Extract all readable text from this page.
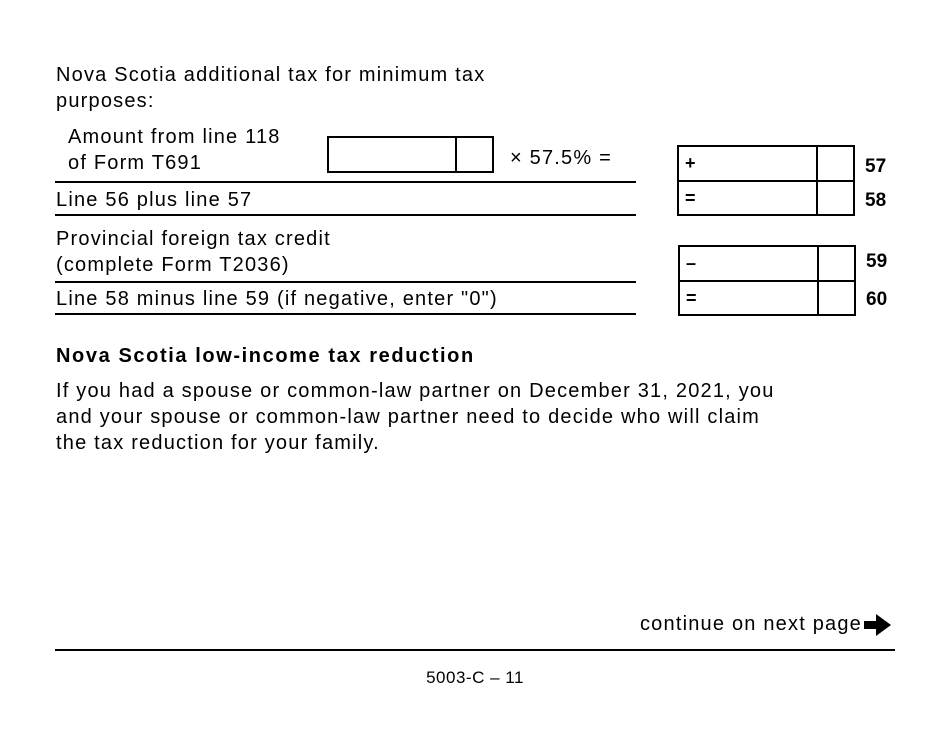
Nova Scotia additional tax for minimum tax
purposes:
Amount from line 118
of Form T691	× 57.5% =	+	57
Line 56 plus line 57	=	58
Provincial foreign tax credit
(complete Form T2036)	–	59
Line 58 minus line 59 (if negative, enter "0")	=	60
Nova Scotia low-income tax reduction
If you had a spouse or common-law partner on December 31, 2021, you
and your spouse or common-law partner need to decide who will claim
the tax reduction for your family.
continue on next page
5003-C – 11
